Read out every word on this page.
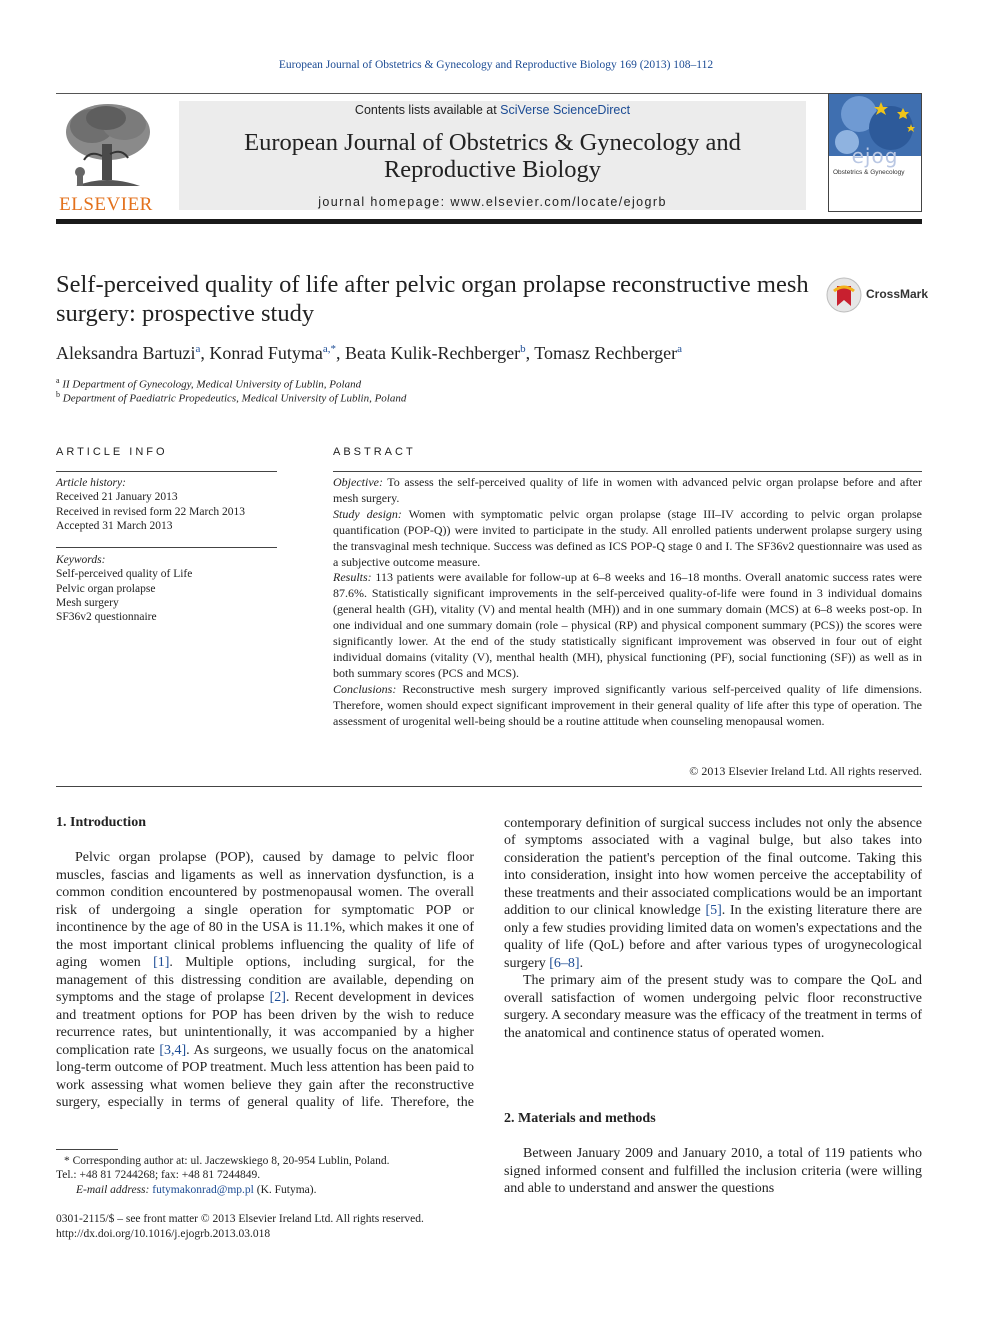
European Journal of Obstetrics & Gynecology and Reproductive Biology 169 (2013) 108–112
ELSEVIER
Contents lists available at SciVerse ScienceDirect
European Journal of Obstetrics & Gynecology and Reproductive Biology
journal homepage: www.elsevier.com/locate/ejogrb
ejog
Obstetrics & Gynecology
Self-perceived quality of life after pelvic organ prolapse reconstructive mesh surgery: prospective study
CrossMark
Aleksandra Bartuzi$^a$, Konrad Futyma$^{a,*}$, Beata Kulik-Rechberger$^b$, Tomasz Rechberger$^a$
$^a$ II Department of Gynecology, Medical University of Lublin, Poland
$^b$ Department of Paediatric Propedeutics, Medical University of Lublin, Poland
ARTICLE INFO
Article history:
Received 21 January 2013
Received in revised form 22 March 2013
Accepted 31 March 2013
Keywords:
Self-perceived quality of Life
Pelvic organ prolapse
Mesh surgery
SF36v2 questionnaire
ABSTRACT

Objective: To assess the self-perceived quality of life in women with advanced pelvic organ prolapse before and after mesh surgery.

Study design: Women with symptomatic pelvic organ prolapse (stage III–IV according to pelvic organ prolapse quantification (POP-Q)) were invited to participate in the study. All enrolled patients underwent prolapse surgery using the transvaginal mesh technique. Success was defined as ICS POP-Q stage 0 and I. The SF36v2 questionnaire was used as a subjective outcome measure.

Results: 113 patients were available for follow-up at 6–8 weeks and 16–18 months. Overall anatomic success rates were 87.6%. Statistically significant improvements in the self-perceived quality-of-life were found in 3 individual domains (general health (GH), vitality (V) and mental health (MH)) and in one summary domain (MCS) at 6–8 weeks post-op. In one individual and one summary domain (role – physical (RP) and physical component summary (PCS)) the scores were significantly lower. At the end of the study statistically significant improvement was observed in four out of eight individual domains (vitality (V), menthal health (MH), physical functioning (PF), social functioning (SF)) as well as in both summary scores (PCS and MCS).

Conclusions: Reconstructive mesh surgery improved significantly various self-perceived quality of life dimensions. Therefore, women should expect significant improvement in their general quality of life after this type of operation. The assessment of urogenital well-being should be a routine attitude when counseling menopausal women.

© 2013 Elsevier Ireland Ltd. All rights reserved.
1. Introduction

Pelvic organ prolapse (POP), caused by damage to pelvic floor muscles, fascias and ligaments as well as innervation dysfunction, is a common condition encountered by postmenopausal women. The overall risk of undergoing a single operation for symptomatic POP or incontinence by the age of 80 in the USA is 11.1%, which makes it one of the most important clinical problems influencing the quality of life of aging women [1]. Multiple options, including surgical, for the management of this distressing condition are available, depending on symptoms and the stage of prolapse [2]. Recent development in devices and treatment options for POP has been driven by the wish to reduce recurrence rates, but unintentionally, it was accompanied by a higher complication rate [3,4]. As surgeons, we usually focus on the anatomical long-term outcome of POP treatment. Much less attention has been paid to work assessing what women believe they gain after the reconstructive surgery, especially in terms of general quality of life. Therefore, the

contemporary definition of surgical success includes not only the absence of symptoms associated with a vaginal bulge, but also takes into consideration the patient's perception of the final outcome. Taking this into consideration, insight into how women perceive the acceptability of these treatments and their associated complications would be an important addition to our clinical knowledge [5]. In the existing literature there are only a few studies providing limited data on women's expectations and the quality of life (QoL) before and after various types of urogynecological surgery [6–8].

The primary aim of the present study was to compare the QoL and overall satisfaction of women undergoing pelvic floor reconstructive surgery. A secondary measure was the efficacy of the treatment in terms of the anatomical and continence status of operated women.

2. Materials and methods

Between January 2009 and January 2010, a total of 119 patients who signed informed consent and fulfilled the inclusion criteria (were willing and able to understand and answer the questions

* Corresponding author at: ul. Jaczewskiego 8, 20-954 Lublin, Poland.
Tel.: +48 81 7244268; fax: +48 81 7244849.
E-mail address: futymakonrad@mp.pl (K. Futyma).
0301-2115/$ – see front matter © 2013 Elsevier Ireland Ltd. All rights reserved.
http://dx.doi.org/10.1016/j.ejogrb.2013.03.018
